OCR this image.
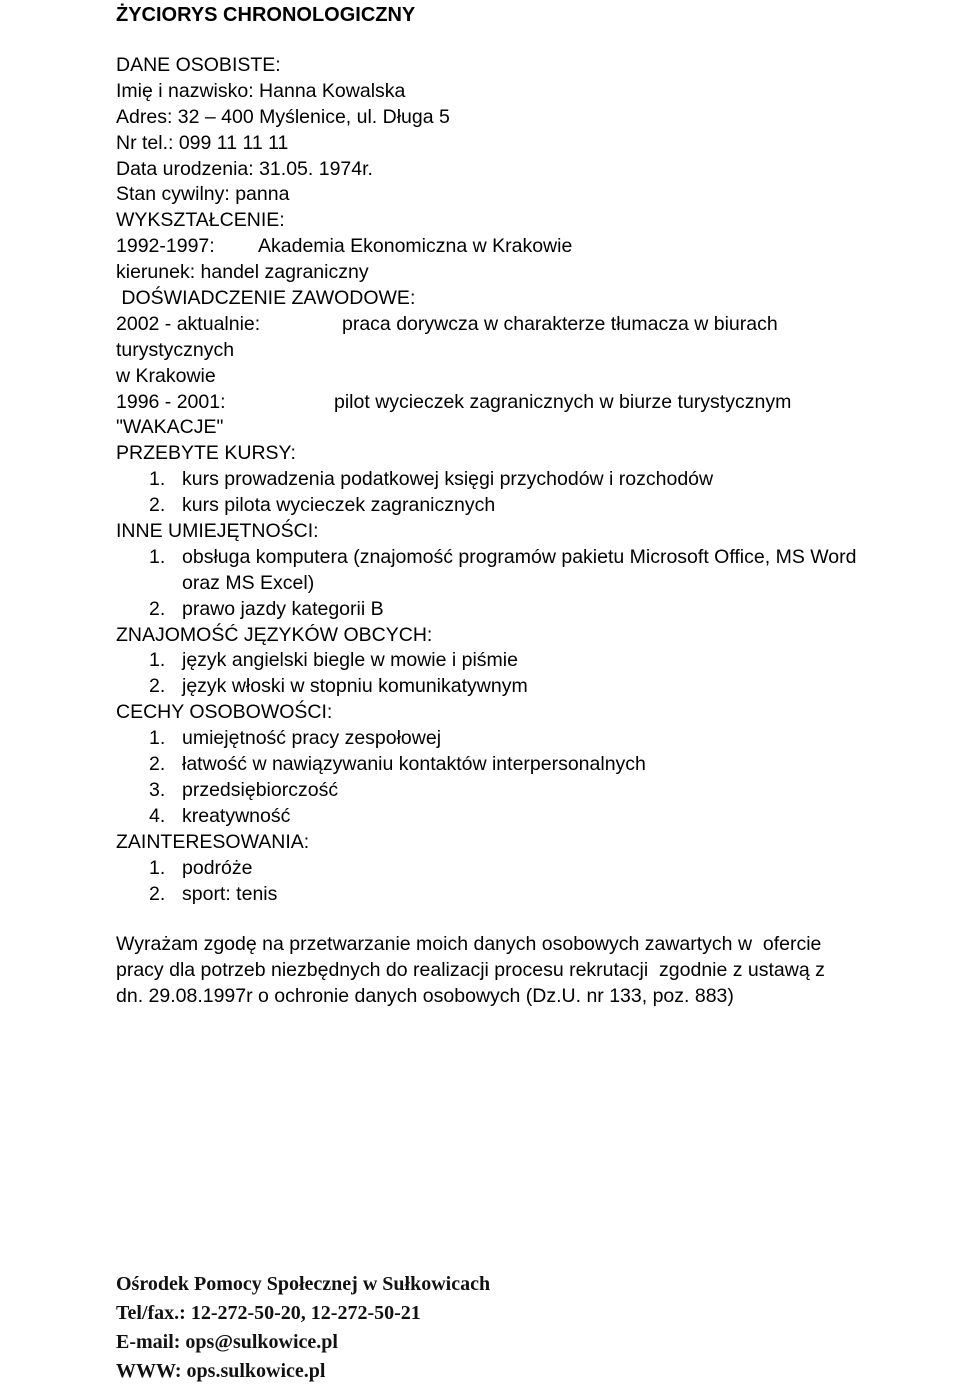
ŻYCIORYS CHRONOLOGICZNY
DANE OSOBISTE:
Imię i nazwisko: Hanna Kowalska
Adres: 32 – 400 Myślenice, ul. Długa 5
Nr tel.: 099 11 11 11
Data urodzenia: 31.05. 1974r.
Stan cywilny: panna
WYKSZTAŁCENIE:
1992-1997: Akademia Ekonomiczna w Krakowie
kierunek: handel zagraniczny
DOŚWIADCZENIE ZAWODOWE:
2002 - aktualnie:	praca dorywcza w charakterze tłumacza w biurach
turystycznych
w Krakowie
1996 - 2001:	pilot wycieczek zagranicznych w biurze turystycznym
"WAKACJE"
PRZEBYTE KURSY:
1. kurs prowadzenia podatkowej księgi przychodów i rozchodów
2. kurs pilota wycieczek zagranicznych
INNE UMIEJĘTNOŚCI:
1. obsługa komputera (znajomość programów pakietu Microsoft Office, MS Word
oraz MS Excel)
2. prawo jazdy kategorii B
ZNAJOMOŚĆ JĘZYKÓW OBCYCH:
1. język angielski biegle w mowie i piśmie
2. język włoski w stopniu komunikatywnym
CECHY OSOBOWOŚCI:
1. umiejętność pracy zespołowej
2. łatwość w nawiązywaniu kontaktów interpersonalnych
3. przedsiębiorczość
4. kreatywność
ZAINTERESOWANIA:
1. podróże
2. sport: tenis
Wyrażam zgodę na przetwarzanie moich danych osobowych zawartych w  ofercie
pracy dla potrzeb niezbędnych do realizacji procesu rekrutacji  zgodnie z ustawą z
dn. 29.08.1997r o ochronie danych osobowych (Dz.U. nr 133, poz. 883)
Ośrodek Pomocy Społecznej w Sułkowicach
Tel/fax.: 12-272-50-20, 12-272-50-21
E-mail: ops@sulkowice.pl
WWW: ops.sulkowice.pl
